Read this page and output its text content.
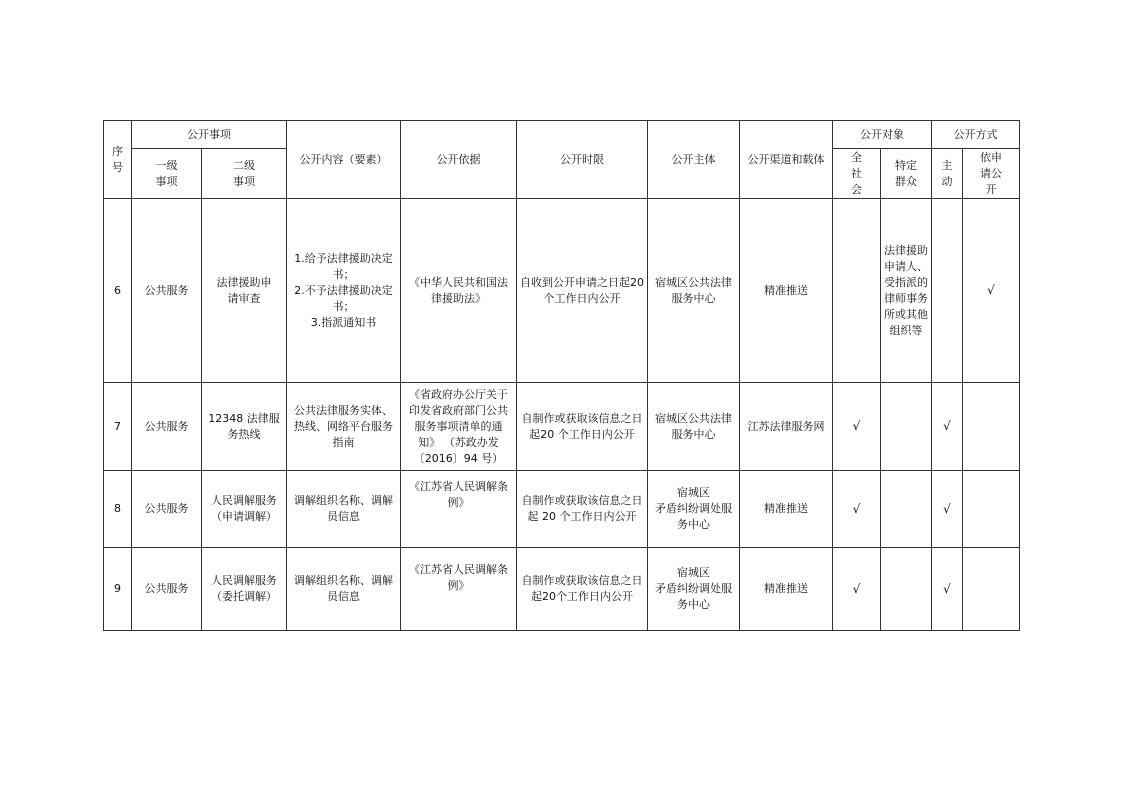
序号	公开事项		公开内容（要素）	公开依据	公开时限	公开主体	公开渠道和载体	公开对象		公开方式	
	一级事项	二级事项						全社会	特定群众	主动	依申请公开
6	公共服务	法律援助申请审查	1.给予法律援助决定书；
2.不予法律援助决定书；
3.指派通知书	《中华人民共和国法律援助法》	自收到公开申请之日起20个工作日内公开	宿城区公共法律服务中心	精准推送		法律援助申请人、受指派的律师事务所或其他组织等		√
7	公共服务	12348 法律服务热线	公共法律服务实体、热线、网络平台服务指南	《省政府办公厅关于印发省政府部门公共服务事项清单的通知》 （苏政办发〔2016〕94 号）	自制作或获取该信息之日起20 个工作日内公开	宿城区公共法律服务中心	江苏法律服务网	√		√	
8	公共服务	人民调解服务（申请调解）	调解组织名称、调解员信息	《江苏省人民调解条例》	自制作或获取该信息之日起 20 个工作日内公开	宿城区
矛盾纠纷调处服务中心	精准推送	√		√	
9	公共服务	人民调解服务（委托调解）	调解组织名称、调解员信息	《江苏省人民调解条例》	自制作或获取该信息之日起20个工作日内公开	宿城区
矛盾纠纷调处服务中心	精准推送	√		√	
